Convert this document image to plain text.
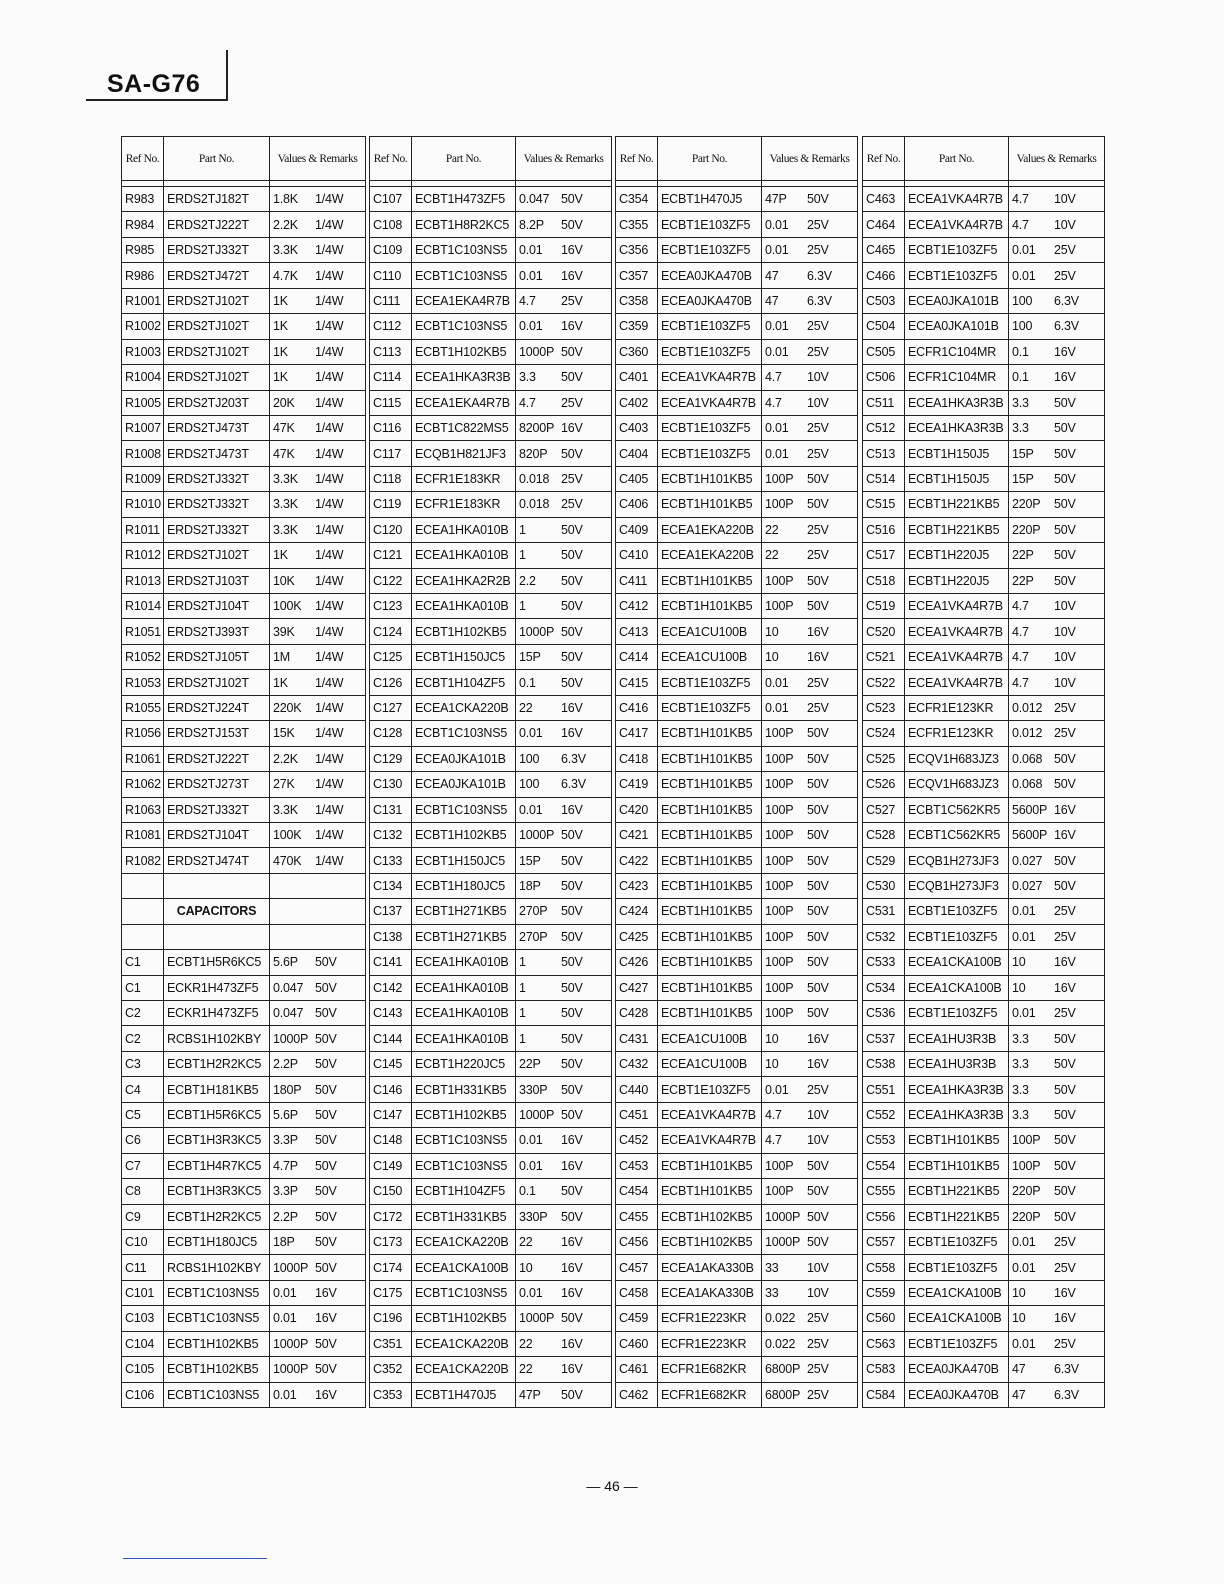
SA-G76
Ref No.	Part No.	Values & Remarks

R983	ERDS2TJ182T	1.8K 1/4W
R984	ERDS2TJ222T	2.2K 1/4W
R985	ERDS2TJ332T	3.3K 1/4W
R986	ERDS2TJ472T	4.7K 1/4W
R1001	ERDS2TJ102T	1K 1/4W
R1002	ERDS2TJ102T	1K 1/4W
R1003	ERDS2TJ102T	1K 1/4W
R1004	ERDS2TJ102T	1K 1/4W
R1005	ERDS2TJ203T	20K 1/4W
R1007	ERDS2TJ473T	47K 1/4W
R1008	ERDS2TJ473T	47K 1/4W
R1009	ERDS2TJ332T	3.3K 1/4W
R1010	ERDS2TJ332T	3.3K 1/4W
R1011	ERDS2TJ332T	3.3K 1/4W
R1012	ERDS2TJ102T	1K 1/4W
R1013	ERDS2TJ103T	10K 1/4W
R1014	ERDS2TJ104T	100K 1/4W
R1051	ERDS2TJ393T	39K 1/4W
R1052	ERDS2TJ105T	1M 1/4W
R1053	ERDS2TJ102T	1K 1/4W
R1055	ERDS2TJ224T	220K 1/4W
R1056	ERDS2TJ153T	15K 1/4W
R1061	ERDS2TJ222T	2.2K 1/4W
R1062	ERDS2TJ273T	27K 1/4W
R1063	ERDS2TJ332T	3.3K 1/4W
R1081	ERDS2TJ104T	100K 1/4W
R1082	ERDS2TJ474T	470K 1/4W

	CAPACITORS	

C1	ECBT1H5R6KC5	5.6P 50V
C1	ECKR1H473ZF5	0.047 50V
C2	ECKR1H473ZF5	0.047 50V
C2	RCBS1H102KBY	1000P 50V
C3	ECBT1H2R2KC5	2.2P 50V
C4	ECBT1H181KB5	180P 50V
C5	ECBT1H5R6KC5	5.6P 50V
C6	ECBT1H3R3KC5	3.3P 50V
C7	ECBT1H4R7KC5	4.7P 50V
C8	ECBT1H3R3KC5	3.3P 50V
C9	ECBT1H2R2KC5	2.2P 50V
C10	ECBT1H180JC5	18P 50V
C11	RCBS1H102KBY	1000P 50V
C101	ECBT1C103NS5	0.01 16V
C103	ECBT1C103NS5	0.01 16V
C104	ECBT1H102KB5	1000P 50V
C105	ECBT1H102KB5	1000P 50V
C106	ECBT1C103NS5	0.01 16V
Ref No.	Part No.	Values & Remarks

C107	ECBT1H473ZF5	0.047 50V
C108	ECBT1H8R2KC5	8.2P 50V
C109	ECBT1C103NS5	0.01 16V
C110	ECBT1C103NS5	0.01 16V
C111	ECEA1EKA4R7B	4.7 25V
C112	ECBT1C103NS5	0.01 16V
C113	ECBT1H102KB5	1000P 50V
C114	ECEA1HKA3R3B	3.3 50V
C115	ECEA1EKA4R7B	4.7 25V
C116	ECBT1C822MS5	8200P 16V
C117	ECQB1H821JF3	820P 50V
C118	ECFR1E183KR	0.018 25V
C119	ECFR1E183KR	0.018 25V
C120	ECEA1HKA010B	1 50V
C121	ECEA1HKA010B	1 50V
C122	ECEA1HKA2R2B	2.2 50V
C123	ECEA1HKA010B	1 50V
C124	ECBT1H102KB5	1000P 50V
C125	ECBT1H150JC5	15P 50V
C126	ECBT1H104ZF5	0.1 50V
C127	ECEA1CKA220B	22 16V
C128	ECBT1C103NS5	0.01 16V
C129	ECEA0JKA101B	100 6.3V
C130	ECEA0JKA101B	100 6.3V
C131	ECBT1C103NS5	0.01 16V
C132	ECBT1H102KB5	1000P 50V
C133	ECBT1H150JC5	15P 50V
C134	ECBT1H180JC5	18P 50V
C137	ECBT1H271KB5	270P 50V
C138	ECBT1H271KB5	270P 50V
C141	ECEA1HKA010B	1 50V
C142	ECEA1HKA010B	1 50V
C143	ECEA1HKA010B	1 50V
C144	ECEA1HKA010B	1 50V
C145	ECBT1H220JC5	22P 50V
C146	ECBT1H331KB5	330P 50V
C147	ECBT1H102KB5	1000P 50V
C148	ECBT1C103NS5	0.01 16V
C149	ECBT1C103NS5	0.01 16V
C150	ECBT1H104ZF5	0.1 50V
C172	ECBT1H331KB5	330P 50V
C173	ECEA1CKA220B	22 16V
C174	ECEA1CKA100B	10 16V
C175	ECBT1C103NS5	0.01 16V
C196	ECBT1H102KB5	1000P 50V
C351	ECEA1CKA220B	22 16V
C352	ECEA1CKA220B	22 16V
C353	ECBT1H470J5	47P 50V
Ref No.	Part No.	Values & Remarks

C354	ECBT1H470J5	47P 50V
C355	ECBT1E103ZF5	0.01 25V
C356	ECBT1E103ZF5	0.01 25V
C357	ECEA0JKA470B	47 6.3V
C358	ECEA0JKA470B	47 6.3V
C359	ECBT1E103ZF5	0.01 25V
C360	ECBT1E103ZF5	0.01 25V
C401	ECEA1VKA4R7B	4.7 10V
C402	ECEA1VKA4R7B	4.7 10V
C403	ECBT1E103ZF5	0.01 25V
C404	ECBT1E103ZF5	0.01 25V
C405	ECBT1H101KB5	100P 50V
C406	ECBT1H101KB5	100P 50V
C409	ECEA1EKA220B	22 25V
C410	ECEA1EKA220B	22 25V
C411	ECBT1H101KB5	100P 50V
C412	ECBT1H101KB5	100P 50V
C413	ECEA1CU100B	10 16V
C414	ECEA1CU100B	10 16V
C415	ECBT1E103ZF5	0.01 25V
C416	ECBT1E103ZF5	0.01 25V
C417	ECBT1H101KB5	100P 50V
C418	ECBT1H101KB5	100P 50V
C419	ECBT1H101KB5	100P 50V
C420	ECBT1H101KB5	100P 50V
C421	ECBT1H101KB5	100P 50V
C422	ECBT1H101KB5	100P 50V
C423	ECBT1H101KB5	100P 50V
C424	ECBT1H101KB5	100P 50V
C425	ECBT1H101KB5	100P 50V
C426	ECBT1H101KB5	100P 50V
C427	ECBT1H101KB5	100P 50V
C428	ECBT1H101KB5	100P 50V
C431	ECEA1CU100B	10 16V
C432	ECEA1CU100B	10 16V
C440	ECBT1E103ZF5	0.01 25V
C451	ECEA1VKA4R7B	4.7 10V
C452	ECEA1VKA4R7B	4.7 10V
C453	ECBT1H101KB5	100P 50V
C454	ECBT1H101KB5	100P 50V
C455	ECBT1H102KB5	1000P 50V
C456	ECBT1H102KB5	1000P 50V
C457	ECEA1AKA330B	33 10V
C458	ECEA1AKA330B	33 10V
C459	ECFR1E223KR	0.022 25V
C460	ECFR1E223KR	0.022 25V
C461	ECFR1E682KR	6800P 25V
C462	ECFR1E682KR	6800P 25V
Ref No.	Part No.	Values & Remarks

C463	ECEA1VKA4R7B	4.7 10V
C464	ECEA1VKA4R7B	4.7 10V
C465	ECBT1E103ZF5	0.01 25V
C466	ECBT1E103ZF5	0.01 25V
C503	ECEA0JKA101B	100 6.3V
C504	ECEA0JKA101B	100 6.3V
C505	ECFR1C104MR	0.1 16V
C506	ECFR1C104MR	0.1 16V
C511	ECEA1HKA3R3B	3.3 50V
C512	ECEA1HKA3R3B	3.3 50V
C513	ECBT1H150J5	15P 50V
C514	ECBT1H150J5	15P 50V
C515	ECBT1H221KB5	220P 50V
C516	ECBT1H221KB5	220P 50V
C517	ECBT1H220J5	22P 50V
C518	ECBT1H220J5	22P 50V
C519	ECEA1VKA4R7B	4.7 10V
C520	ECEA1VKA4R7B	4.7 10V
C521	ECEA1VKA4R7B	4.7 10V
C522	ECEA1VKA4R7B	4.7 10V
C523	ECFR1E123KR	0.012 25V
C524	ECFR1E123KR	0.012 25V
C525	ECQV1H683JZ3	0.068 50V
C526	ECQV1H683JZ3	0.068 50V
C527	ECBT1C562KR5	5600P 16V
C528	ECBT1C562KR5	5600P 16V
C529	ECQB1H273JF3	0.027 50V
C530	ECQB1H273JF3	0.027 50V
C531	ECBT1E103ZF5	0.01 25V
C532	ECBT1E103ZF5	0.01 25V
C533	ECEA1CKA100B	10 16V
C534	ECEA1CKA100B	10 16V
C536	ECBT1E103ZF5	0.01 25V
C537	ECEA1HU3R3B	3.3 50V
C538	ECEA1HU3R3B	3.3 50V
C551	ECEA1HKA3R3B	3.3 50V
C552	ECEA1HKA3R3B	3.3 50V
C553	ECBT1H101KB5	100P 50V
C554	ECBT1H101KB5	100P 50V
C555	ECBT1H221KB5	220P 50V
C556	ECBT1H221KB5	220P 50V
C557	ECBT1E103ZF5	0.01 25V
C558	ECBT1E103ZF5	0.01 25V
C559	ECEA1CKA100B	10 16V
C560	ECEA1CKA100B	10 16V
C563	ECBT1E103ZF5	0.01 25V
C583	ECEA0JKA470B	47 6.3V
C584	ECEA0JKA470B	47 6.3V
— 46 —
